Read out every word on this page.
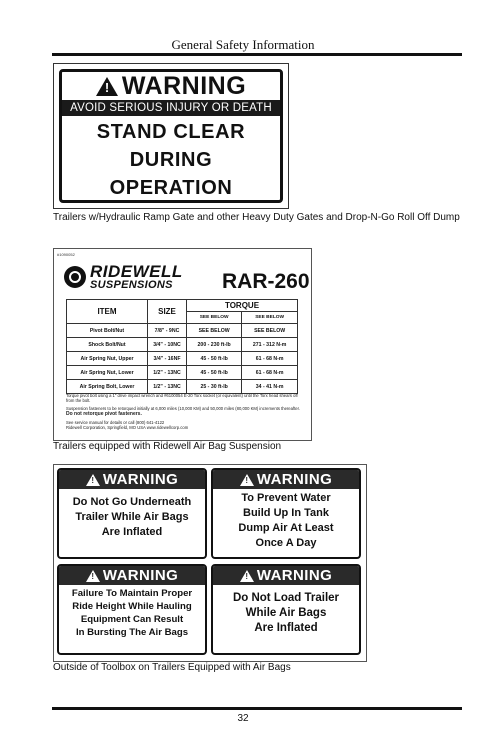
General Safety Information
!
WARNING
AVOID SERIOUS INJURY OR DEATH
STAND CLEAR
DURING
OPERATION
Trailers w/Hydraulic Ramp Gate and other Heavy Duty Gates and Drop-N-Go Roll Off Dump
#1090052
RIDEWELL
SUSPENSIONS RAR-260
ITEM	SIZE	TORQUE	
		SEE BELOW	SEE BELOW
Pivot Bolt/Nut	7/8" - 9NC	SEE BELOW	SEE BELOW
Shock Bolt/Nut	3/4" - 10NC	200 - 230 ft-lb	271 - 312 N-m
Air Spring Nut, Upper	3/4" - 16NF	45 - 50 ft-lb	61 - 68 N-m
Air Spring Nut, Lower	1/2" - 13NC	45 - 50 ft-lb	61 - 68 N-m
Air Spring Bolt, Lower	1/2" - 13NC	25 - 30 ft-lb	34 - 41 N-m
Torque pivot bolt using a 1" drive impact wrench and #6100054 E-20 Torx socket (or equivalent) until the Torx head shears off from the bolt.
Suspension fasteners to be retorqued initially at 6,000 miles (10,000 KM) and 50,000 miles (80,000 KM) increments thereafter. Do not retorque pivot fasteners.
See service manual for details or call (800) 641-4122
Ridewell Corporation, Springfield, MO USA www.ridewellcorp.com
Trailers equipped with Ridewell Air Bag Suspension
!
WARNING
Do Not Go Underneath
Trailer While Air Bags
Are Inflated
!
WARNING
To Prevent Water
Build Up In Tank
Dump Air At Least
Once A Day
!
WARNING
Failure To Maintain Proper
Ride Height While Hauling
Equipment Can Result
In Bursting The Air Bags
!
WARNING
Do Not Load Trailer
While Air Bags
Are Inflated
Outside of Toolbox on Trailers Equipped with Air Bags
32
